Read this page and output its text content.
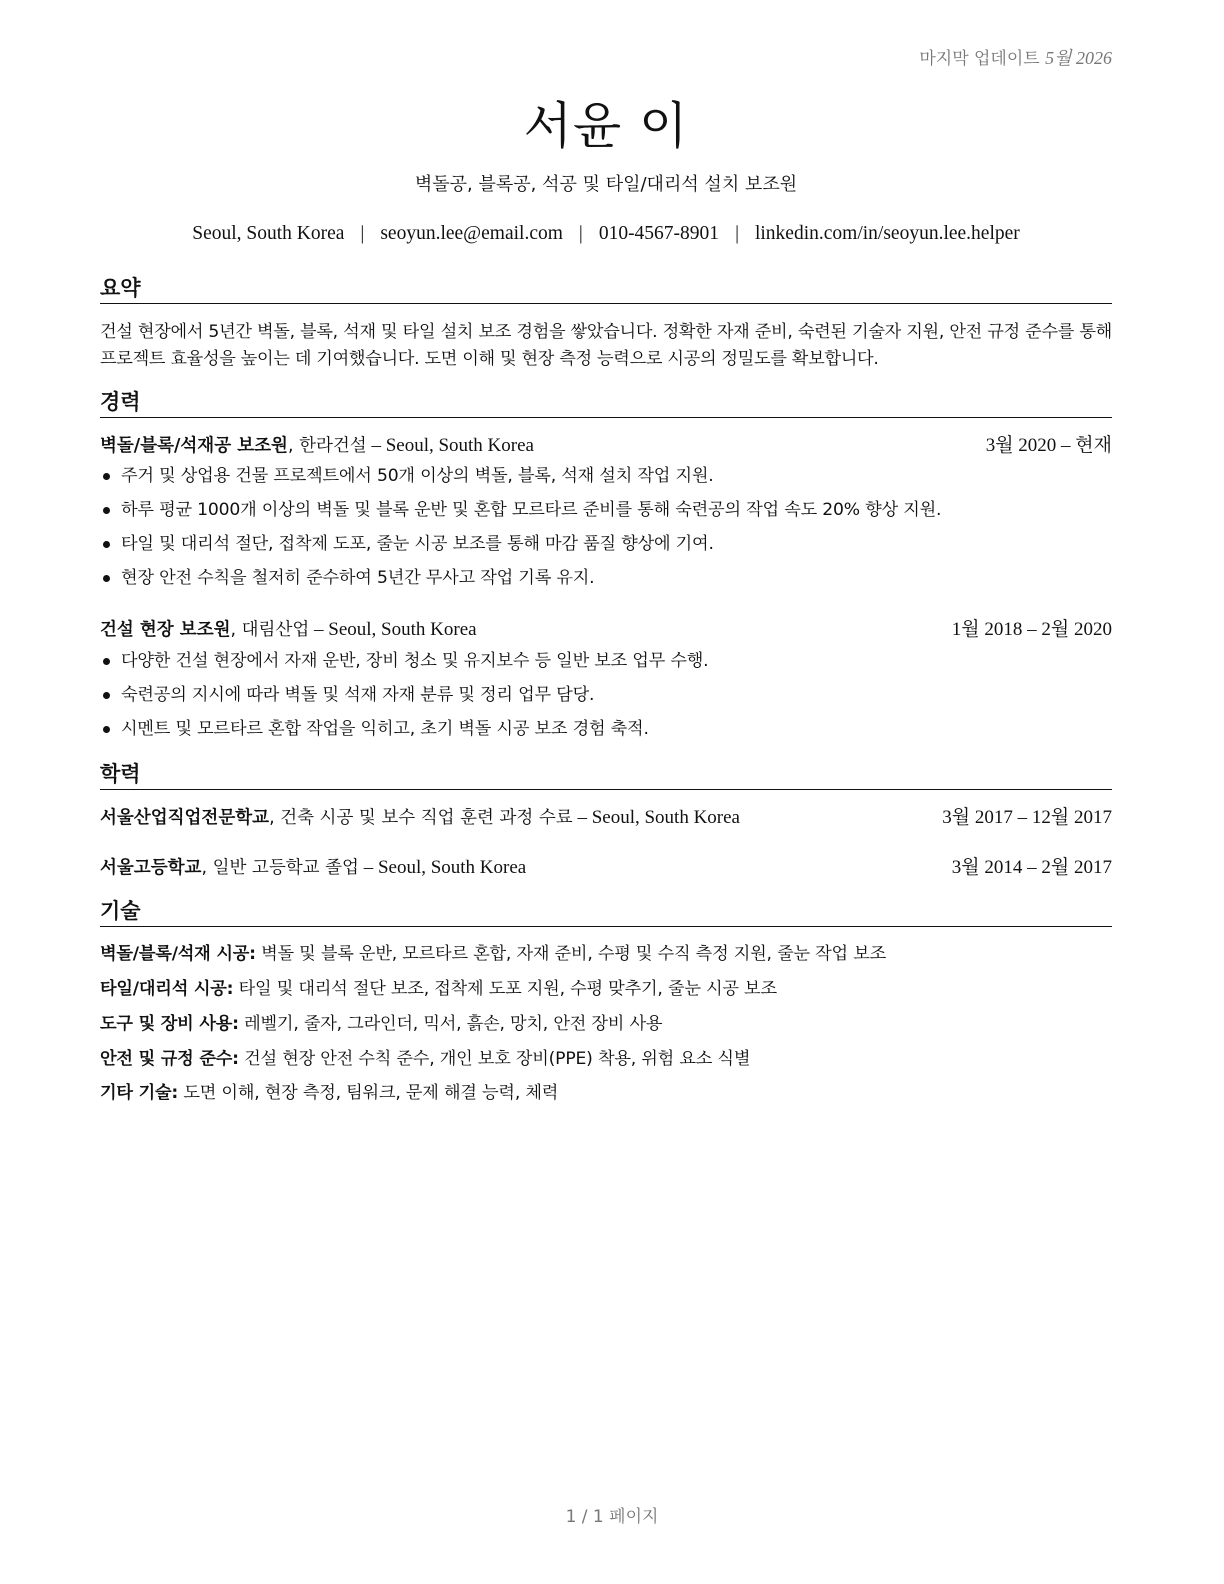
마지막 업데이트 5월 2026
서윤 이
벽돌공, 블록공, 석공 및 타일/대리석 설치 보조원
Seoul, South Korea | seoyun.lee@email.com | 010-4567-8901 | linkedin.com/in/seoyun.lee.helper
요약
건설 현장에서 5년간 벽돌, 블록, 석재 및 타일 설치 보조 경험을 쌓았습니다. 정확한 자재 준비, 숙련된 기술자 지원, 안전 규정 준수를 통해 프로젝트 효율성을 높이는 데 기여했습니다. 도면 이해 및 현장 측정 능력으로 시공의 정밀도를 확보합니다.
경력
벽돌/블록/석재공 보조원, 한라건설 – Seoul, South Korea	3월 2020 – 현재
주거 및 상업용 건물 프로젝트에서 50개 이상의 벽돌, 블록, 석재 설치 작업 지원.
하루 평균 1000개 이상의 벽돌 및 블록 운반 및 혼합 모르타르 준비를 통해 숙련공의 작업 속도 20% 향상 지원.
타일 및 대리석 절단, 접착제 도포, 줄눈 시공 보조를 통해 마감 품질 향상에 기여.
현장 안전 수칙을 철저히 준수하여 5년간 무사고 작업 기록 유지.
건설 현장 보조원, 대림산업 – Seoul, South Korea	1월 2018 – 2월 2020
다양한 건설 현장에서 자재 운반, 장비 청소 및 유지보수 등 일반 보조 업무 수행.
숙련공의 지시에 따라 벽돌 및 석재 자재 분류 및 정리 업무 담당.
시멘트 및 모르타르 혼합 작업을 익히고, 초기 벽돌 시공 보조 경험 축적.
학력
서울산업직업전문학교, 건축 시공 및 보수 직업 훈련 과정 수료 – Seoul, South Korea	3월 2017 – 12월 2017
서울고등학교, 일반 고등학교 졸업 – Seoul, South Korea	3월 2014 – 2월 2017
기술
벽돌/블록/석재 시공: 벽돌 및 블록 운반, 모르타르 혼합, 자재 준비, 수평 및 수직 측정 지원, 줄눈 작업 보조
타일/대리석 시공: 타일 및 대리석 절단 보조, 접착제 도포 지원, 수평 맞추기, 줄눈 시공 보조
도구 및 장비 사용: 레벨기, 줄자, 그라인더, 믹서, 흙손, 망치, 안전 장비 사용
안전 및 규정 준수: 건설 현장 안전 수칙 준수, 개인 보호 장비(PPE) 착용, 위험 요소 식별
기타 기술: 도면 이해, 현장 측정, 팀워크, 문제 해결 능력, 체력
1 / 1 페이지
